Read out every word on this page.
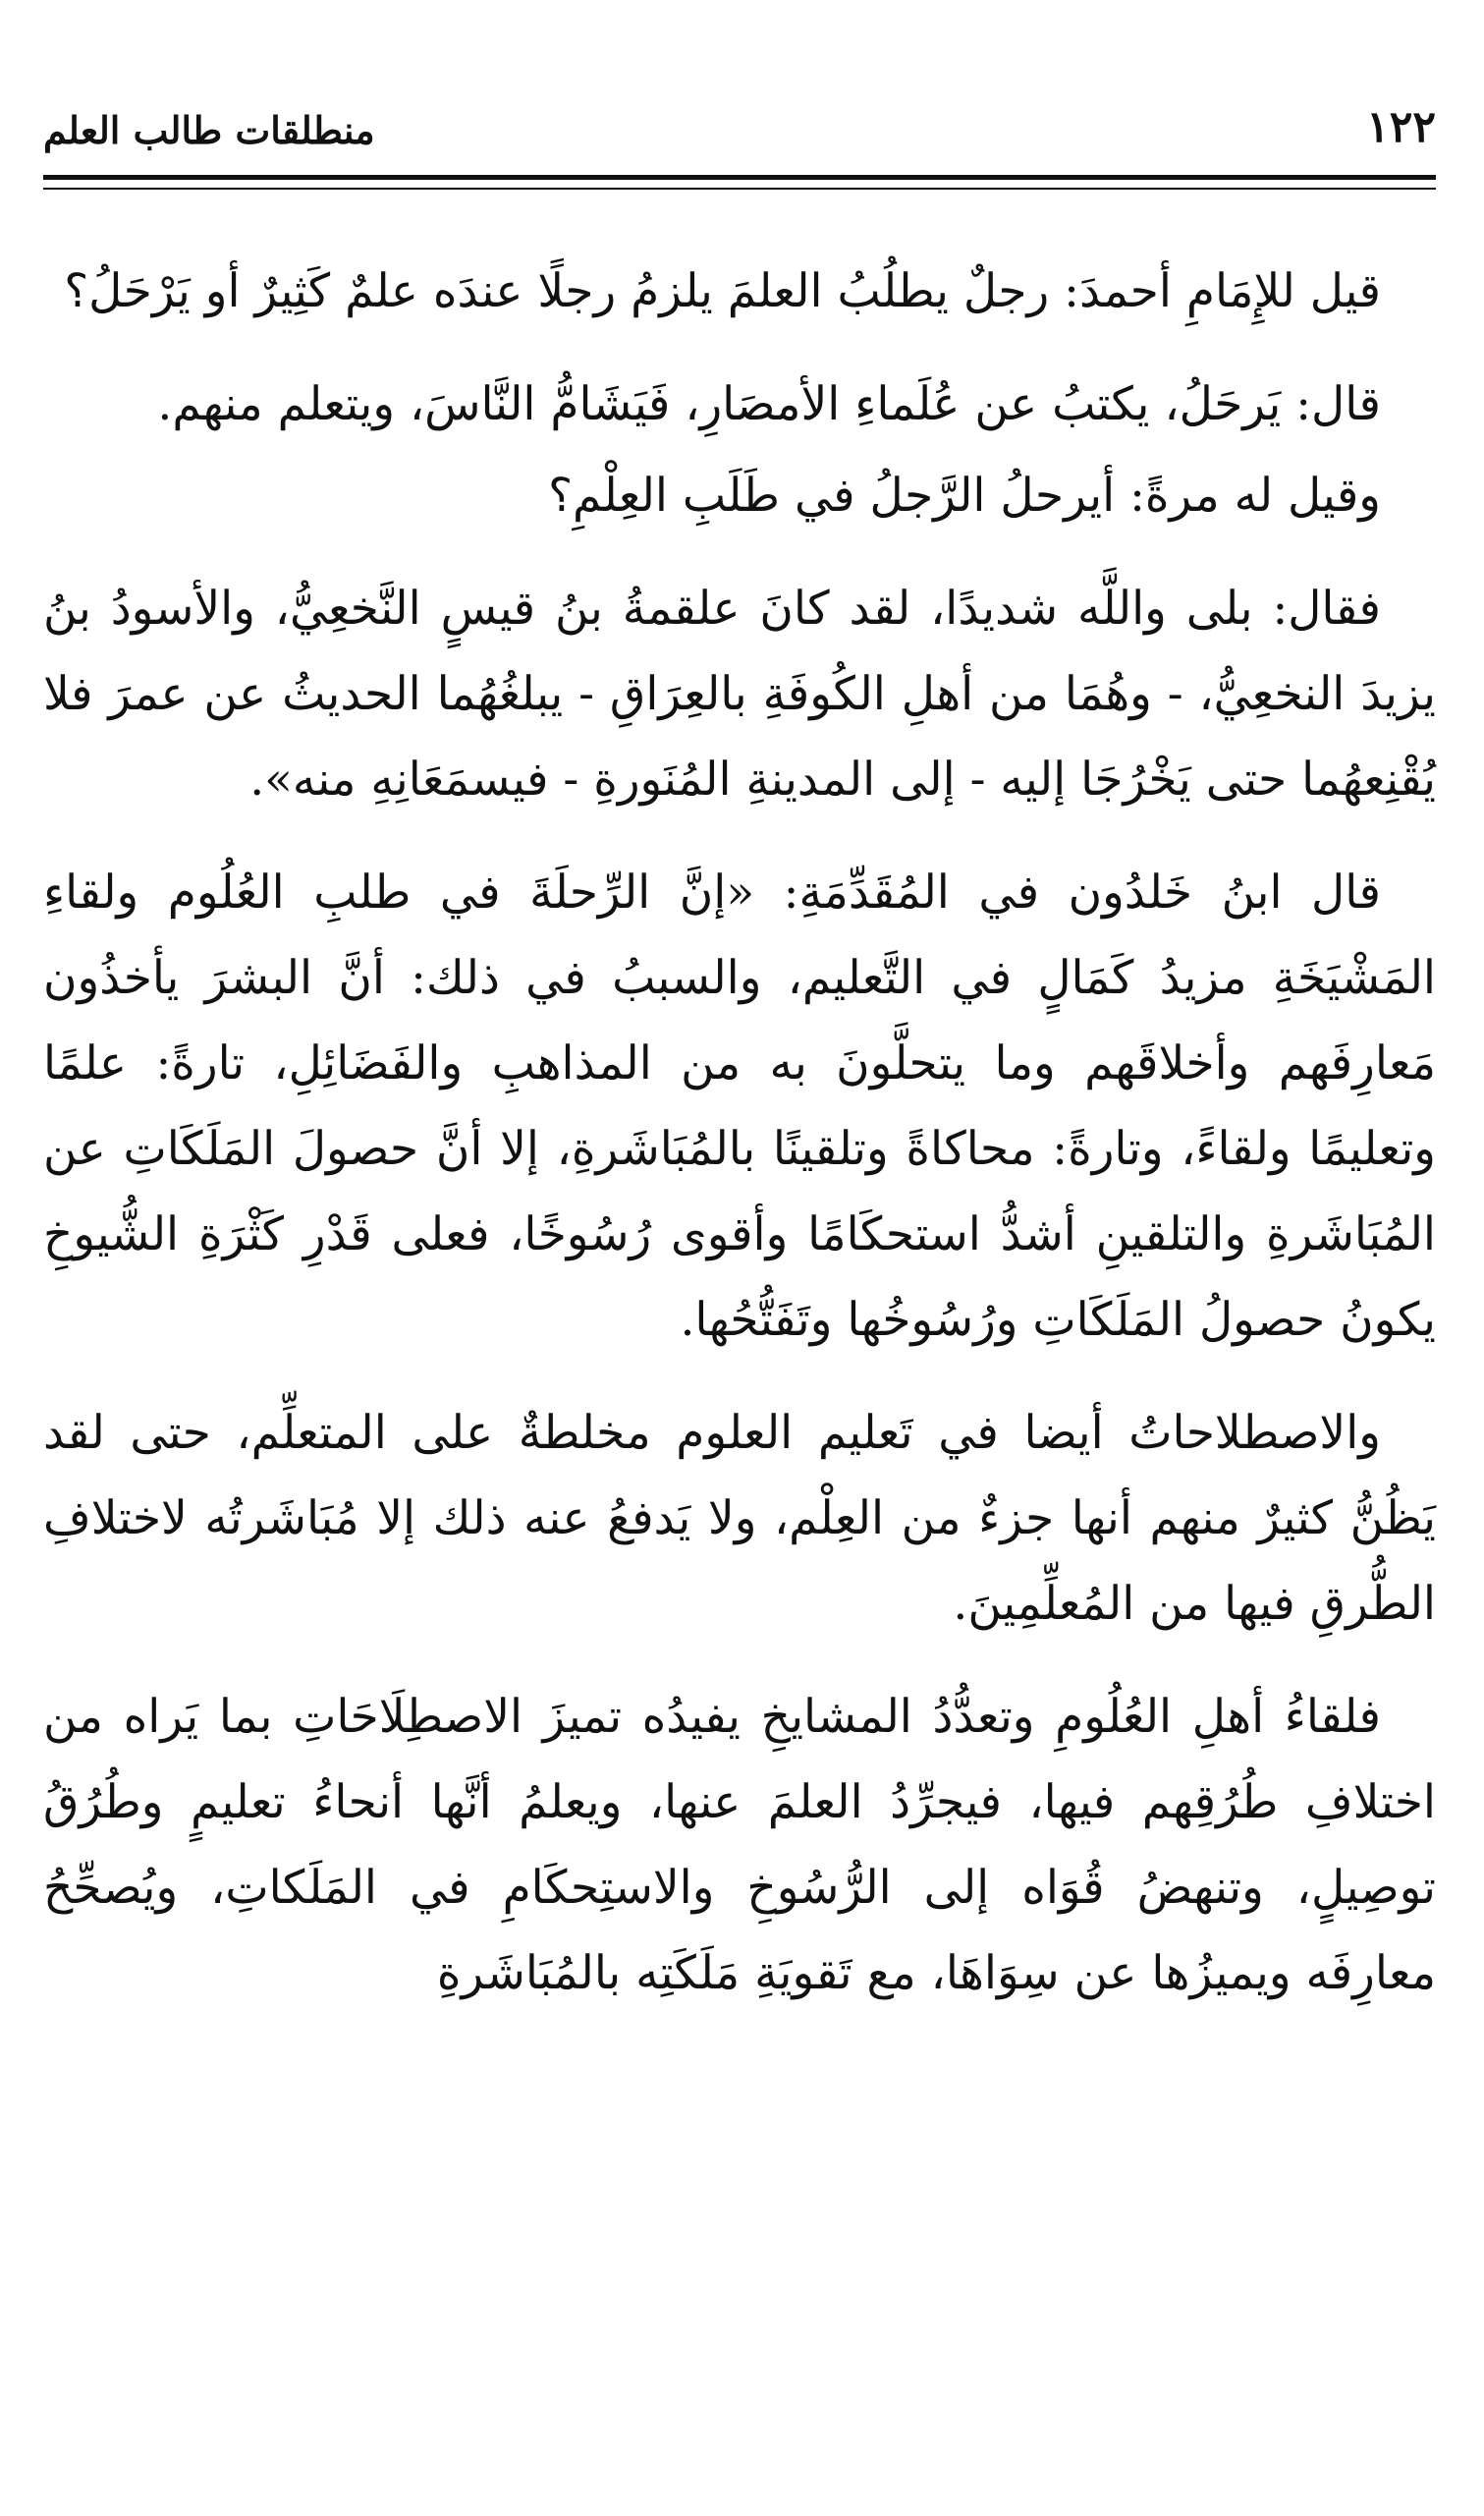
١٢٢
منطلقات طالب العلم

قيل للإِمَامِ أحمدَ: رجلٌ يطلُبُ العلمَ يلزمُ رجلًا عندَه علمٌ كَثِيرٌ أو يَرْحَلُ؟

قال: يَرحَلُ، يكتبُ عن عُلَماءِ الأمصَارِ، فَيَشَامُّ النَّاسَ، ويتعلم منهم.

وقيل له مرةً: أيرحلُ الرَّجلُ في طَلَبِ العِلْمِ؟

فقال: بلى واللَّه شديدًا، لقد كانَ علقمةُ بنُ قيسٍ النَّخعِيُّ، والأسودُ بنُ يزيدَ النخعِيُّ، - وهُمَا من أهلِ الكُوفَةِ بالعِرَاقِ - يبلغُهُما الحديثُ عن عمرَ فلا يُقْنِعهُما حتى يَخْرُجَا إليه - إلى المدينةِ المُنَورةِ - فيسمَعَانِهِ منه».

قال ابنُ خَلدُون في المُقَدِّمَةِ: «إنَّ الرِّحلَةَ في طلبِ العُلُوم ولقاءِ المَشْيَخَةِ مزيدُ كَمَالٍ في التَّعليم، والسببُ في ذلك: أنَّ البشرَ يأخذُون مَعارِفَهم وأخلاقَهم وما يتحلَّونَ به من المذاهبِ والفَضَائِلِ، تارةً: علمًا وتعليمًا ولقاءً، وتارةً: محاكاةً وتلقينًا بالمُبَاشَرةِ، إلا أنَّ حصولَ المَلَكَاتِ عن المُبَاشَرةِ والتلقينِ أشدُّ استحكَامًا وأقوى رُسُوخًا، فعلى قَدْرِ كَثْرَةِ الشُّيوخِ يكونُ حصولُ المَلَكَاتِ ورُسُوخُها وتَفَتُّحُها.

والاصطلاحاتُ أيضا في تَعليم العلوم مخلطةٌ على المتعلِّم، حتى لقد يَظُنُّ كثيرٌ منهم أنها جزءٌ من العِلْم، ولا يَدفعُ عنه ذلك إلا مُبَاشَرتُه لاختلافِ الطُّرقِ فيها من المُعلِّمِينَ.

فلقاءُ أهلِ العُلُومِ وتعدُّدُ المشايخِ يفيدُه تميزَ الاصطِلَاحَاتِ بما يَراه من اختلافِ طُرُقِهم فيها، فيجرِّدُ العلمَ عنها، ويعلمُ أنَّها أنحاءُ تعليمٍ وطُرُقُ توصِيلٍ، وتنهضُ قُوَاه إلى الرُّسُوخِ والاستِحكَامِ في المَلَكاتِ، ويُصحِّحُ معارِفَه ويميزُها عن سِوَاهَا، مع تَقويَةِ مَلَكَتِه بالمُبَاشَرةِ
